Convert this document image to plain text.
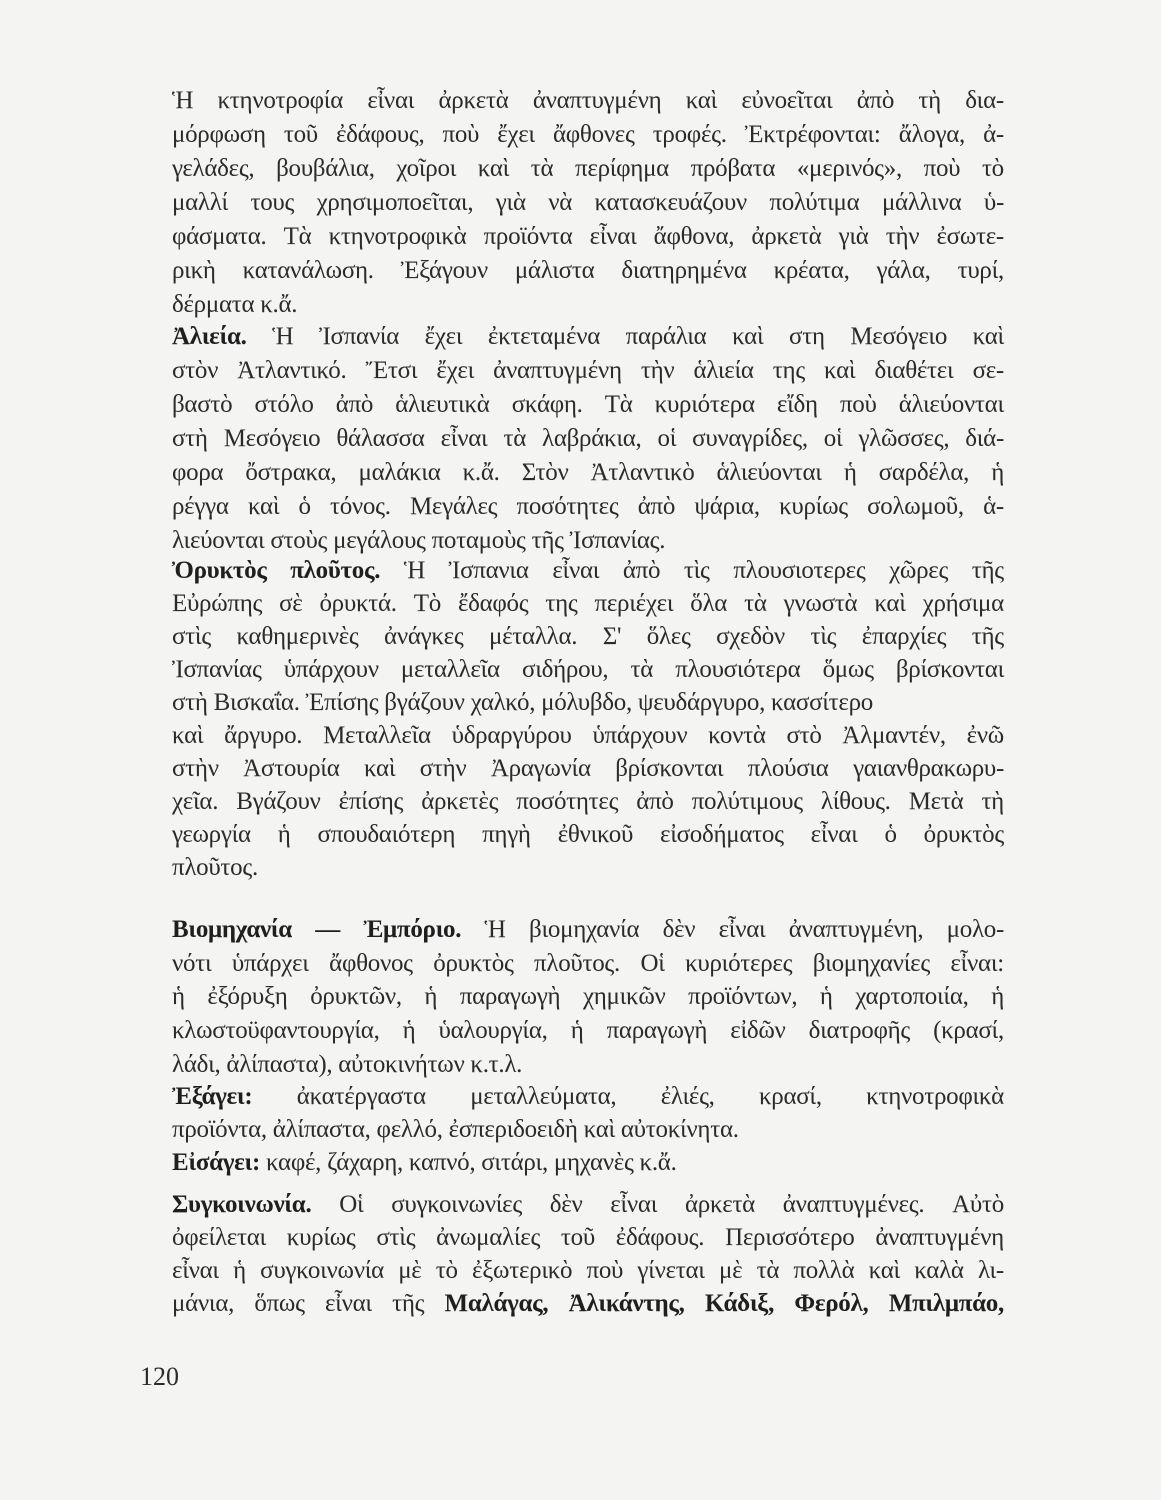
Ἡ κτηνοτροφία εἶναι ἀρκετὰ ἀναπτυγμένη καὶ εὐνοεῖται ἀπὸ τὴ δια-
μόρφωση τοῦ ἐδάφους, ποὺ ἔχει ἄφθονες τροφές. Ἐκτρέφονται: ἄλογα, ἀ-
γελάδες, βουβάλια, χοῖροι καὶ τὰ περίφημα πρόβατα «μερινός», ποὺ τὸ
μαλλί τους χρησιμοποεῖται, γιὰ νὰ κατασκευάζουν πολύτιμα μάλλινα ὑ-
φάσματα. Τὰ κτηνοτροφικὰ προϊόντα εἶναι ἄφθονα, ἀρκετὰ γιὰ τὴν ἐσωτε-
ρικὴ κατανάλωση. Ἐξάγουν μάλιστα διατηρημένα κρέατα, γάλα, τυρί,
δέρματα κ.ἄ.
Ἀλιεία. Ἡ Ἰσπανία ἔχει ἐκτεταμένα παράλια καὶ στη Μεσόγειο καὶ
στὸν Ἀτλαντικό. Ἔτσι ἔχει ἀναπτυγμένη τὴν ἁλιεία της καὶ διαθέτει σε-
βαστὸ στόλο ἀπὸ ἁλιευτικὰ σκάφη. Τὰ κυριότερα εἴδη ποὺ ἁλιεύονται
στὴ Μεσόγειο θάλασσα εἶναι τὰ λαβράκια, οἱ συναγρίδες, οἱ γλῶσσες, διά-
φορα ὄστρακα, μαλάκια κ.ἄ. Στὸν Ἀτλαντικὸ ἁλιεύονται ἡ σαρδέλα, ἡ
ρέγγα καὶ ὁ τόνος. Μεγάλες ποσότητες ἀπὸ ψάρια, κυρίως σολωμοῦ, ἁ-
λιεύονται στοὺς μεγάλους ποταμοὺς τῆς Ἰσπανίας.
Ὀρυκτὸς πλοῦτος. Ἡ Ἰσπανια εἶναι ἀπὸ τὶς πλουσιοτερες χῶρες τῆς
Εὐρώπης σὲ ὀρυκτά. Τὸ ἔδαφός της περιέχει ὅλα τὰ γνωστὰ καὶ χρήσιμα
στὶς καθημερινὲς ἀνάγκες μέταλλα. Σ' ὅλες σχεδὸν τὶς ἐπαρχίες τῆς
Ἰσπανίας ὑπάρχουν μεταλλεῖα σιδήρου, τὰ πλουσιότερα ὅμως βρίσκονται
στὴ Βισκαΐα. Ἐπίσης βγάζουν χαλκό, μόλυβδο, ψευδάργυρο, κασσίτερο
καὶ ἄργυρο. Μεταλλεῖα ὑδραργύρου ὑπάρχουν κοντὰ στὸ Ἀλμαντέν, ἐνῶ
στὴν Ἀστουρία καὶ στὴν Ἀραγωνία βρίσκονται πλούσια γαιανθρακωρυ-
χεῖα. Βγάζουν ἐπίσης ἀρκετὲς ποσότητες ἀπὸ πολύτιμους λίθους. Μετὰ τὴ
γεωργία ἡ σπουδαιότερη πηγὴ ἐθνικοῦ εἰσοδήματος εἶναι ὁ ὀρυκτὸς
πλοῦτος.
Βιομηχανία — Ἐμπόριο. Ἡ βιομηχανία δὲν εἶναι ἀναπτυγμένη, μολο-
νότι ὑπάρχει ἄφθονος ὀρυκτὸς πλοῦτος. Οἱ κυριότερες βιομηχανίες εἶναι:
ἡ ἐξόρυξη ὀρυκτῶν, ἡ παραγωγὴ χημικῶν προϊόντων, ἡ χαρτοποιία, ἡ
κλωστοϋφαντουργία, ἡ ὑαλουργία, ἡ παραγωγὴ εἰδῶν διατροφῆς (κρασί,
λάδι, ἀλίπαστα), αὐτοκινήτων κ.τ.λ.
Ἐξάγει: ἀκατέργαστα μεταλλεύματα, ἐλιές, κρασί, κτηνοτροφικὰ
προϊόντα, ἀλίπαστα, φελλό, ἐσπεριδοειδὴ καὶ αὐτοκίνητα.
Εἰσάγει: καφέ, ζάχαρη, καπνό, σιτάρι, μηχανὲς κ.ἄ.
Συγκοινωνία. Οἱ συγκοινωνίες δὲν εἶναι ἀρκετὰ ἀναπτυγμένες. Αὐτὸ
ὀφείλεται κυρίως στὶς ἀνωμαλίες τοῦ ἐδάφους. Περισσότερο ἀναπτυγμένη
εἶναι ἡ συγκοινωνία μὲ τὸ ἐξωτερικὸ ποὺ γίνεται μὲ τὰ πολλὰ καὶ καλὰ λι-
μάνια, ὅπως εἶναι τῆς Μαλάγας, Ἀλικάντης, Κάδιξ, Φερόλ, Μπιλμπάο,
120
